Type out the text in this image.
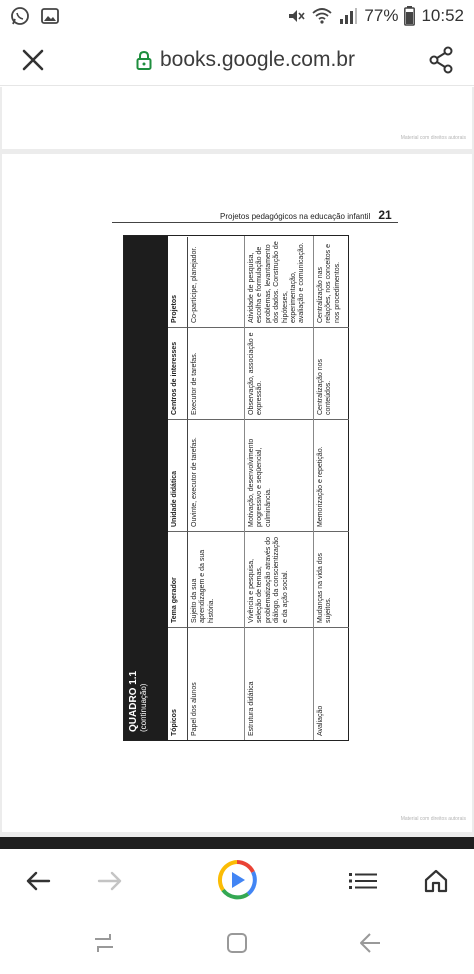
77% 10:52
books.google.com.br
Material com direitos autorais
Projetos pedagógicos na educação infantil 21
QUADRO 1.1 (continuação)	Tópicos
Tema gerador
Unidade didática
Centros de interesses
Projetos
Papel dos alunos
Sujeito da sua aprendizagem e da sua história.
Ouvinte, executor de tarefas.
Executor de tarefas.
Co-partícipe, planejador.
Estrutura didática
Vivência e pesquisa, seleção de temas, problematização através do diálogo, da conscientização e da ação social.
Motivação, desenvolvimento progressivo e seqüencial, culminância.
Observação, associação e expressão.
Atividade de pesquisa, escolha e formulação de problemas, levantamento dos dados. Construção de hipóteses, experimentação, avaliação e comunicação.
Avaliação
Mudanças na vida dos sujeitos.
Memorização e repetição.
Centralização nos conteúdos.
Centralização nas relações, nos conceitos e nos procedimentos.
Material com direitos autorais
